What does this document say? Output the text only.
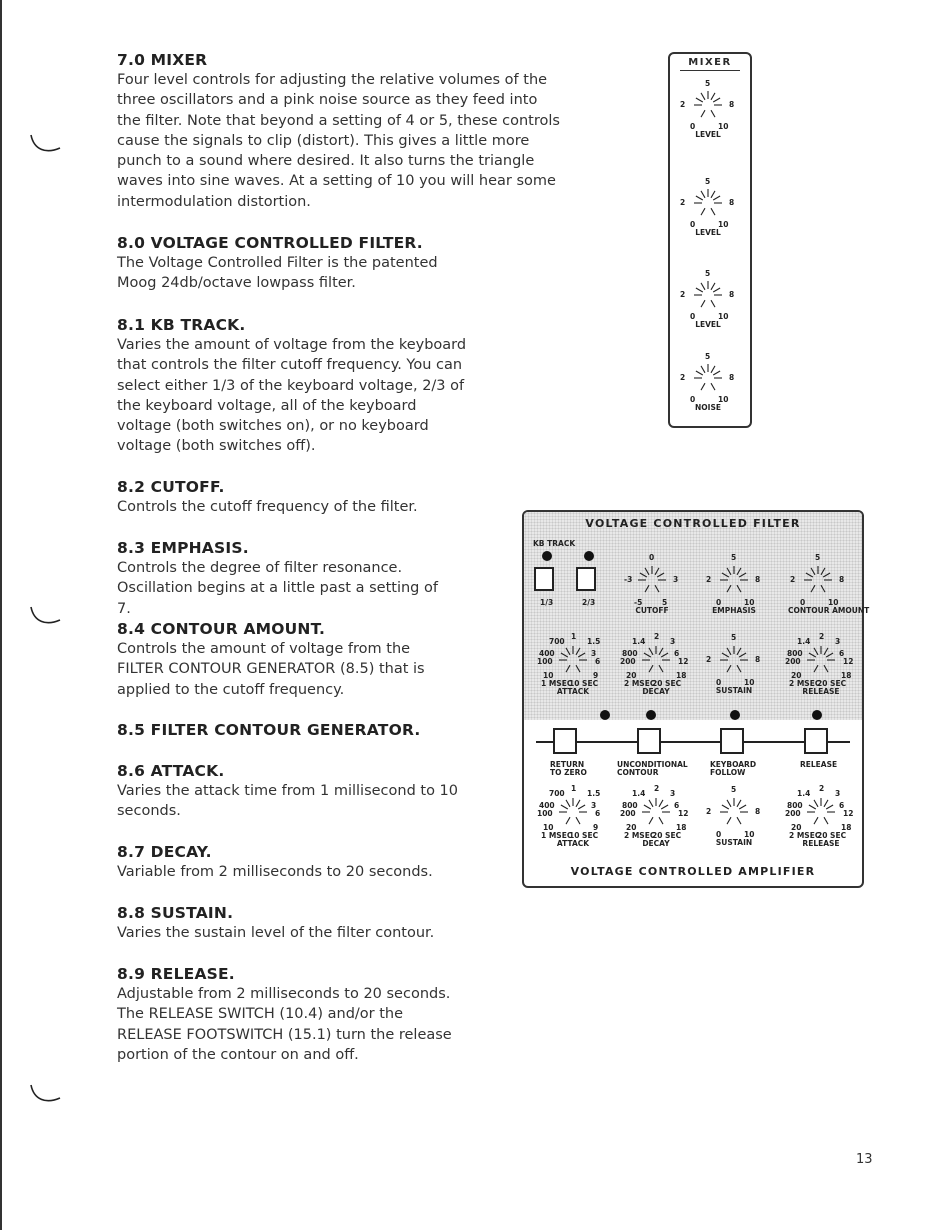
7.0 MIXER

Four level controls for adjusting the relative volumes of the three oscillators and a pink noise source as they feed into the filter. Note that beyond a setting of 4 or 5, these controls cause the signals to clip (distort). This gives a little more punch to a sound where desired. It also turns the triangle waves into sine waves. At a setting of 10 you will hear some intermodulation distortion.

8.0 VOLTAGE CONTROLLED FILTER.

The Voltage Controlled Filter is the patented Moog 24db/octave lowpass filter.

8.1 KB TRACK.

Varies the amount of voltage from the keyboard that controls the filter cutoff frequency. You can select either 1/3 of the keyboard voltage, 2/3 of the keyboard voltage, all of the keyboard voltage (both switches on), or no keyboard voltage (both switches off).

8.2 CUTOFF.

Controls the cutoff frequency of the filter.

8.3 EMPHASIS.

Controls the degree of filter resonance. Oscillation begins at a little past a setting of 7.

8.4 CONTOUR AMOUNT.

Controls the amount of voltage from the FILTER CONTOUR GENERATOR (8.5) that is applied to the cutoff frequency.

8.5 FILTER CONTOUR GENERATOR.
8.6 ATTACK.

Varies the attack time from 1 millisecond to 10 seconds.

8.7 DECAY.

Variable from 2 milliseconds to 20 seconds.

8.8 SUSTAIN.

Varies the sustain level of the filter contour.

8.9 RELEASE.

Adjustable from 2 milliseconds to 20 seconds. The RELEASE SWITCH (10.4) and/or the RELEASE FOOTSWITCH (15.1) turn the release portion of the contour on and off.

MIXER
5
2	8
0	10
LEVEL
5
2	8
0	10
LEVEL
5
2	8
0	10
LEVEL
5
2	8
0	10
NOISE
VOLTAGE CONTROLLED FILTER
VOLTAGE CONTROLLED AMPLIFIER
KB TRACK
1/3	2/3
0
-3	3
-5	5
CUTOFF
5
2	8
0	10
EMPHASIS
5
2	8
0	10
CONTOUR AMOUNT
1
700	1.5
400	3
100	6
10	9
1 MSEC
10 SEC
ATTACK
2
1.4	3
800	6
200	12
20	18
2 MSEC
20 SEC
DECAY
5
2	8
0	10
SUSTAIN
2
1.4	3
800	6
200	12
20	18
2 MSEC
20 SEC
RELEASE
RETURN
TO ZERO
UNCONDITIONAL
CONTOUR
KEYBOARD
FOLLOW
RELEASE
1
700	1.5
400	3
100	6
10	9
1 MSEC
10 SEC
ATTACK
2
1.4	3
800	6
200	12
20	18
2 MSEC
20 SEC
DECAY
5
2	8
0	10
SUSTAIN
2
1.4	3
800	6
200	12
20	18
2 MSEC
20 SEC
RELEASE
13
